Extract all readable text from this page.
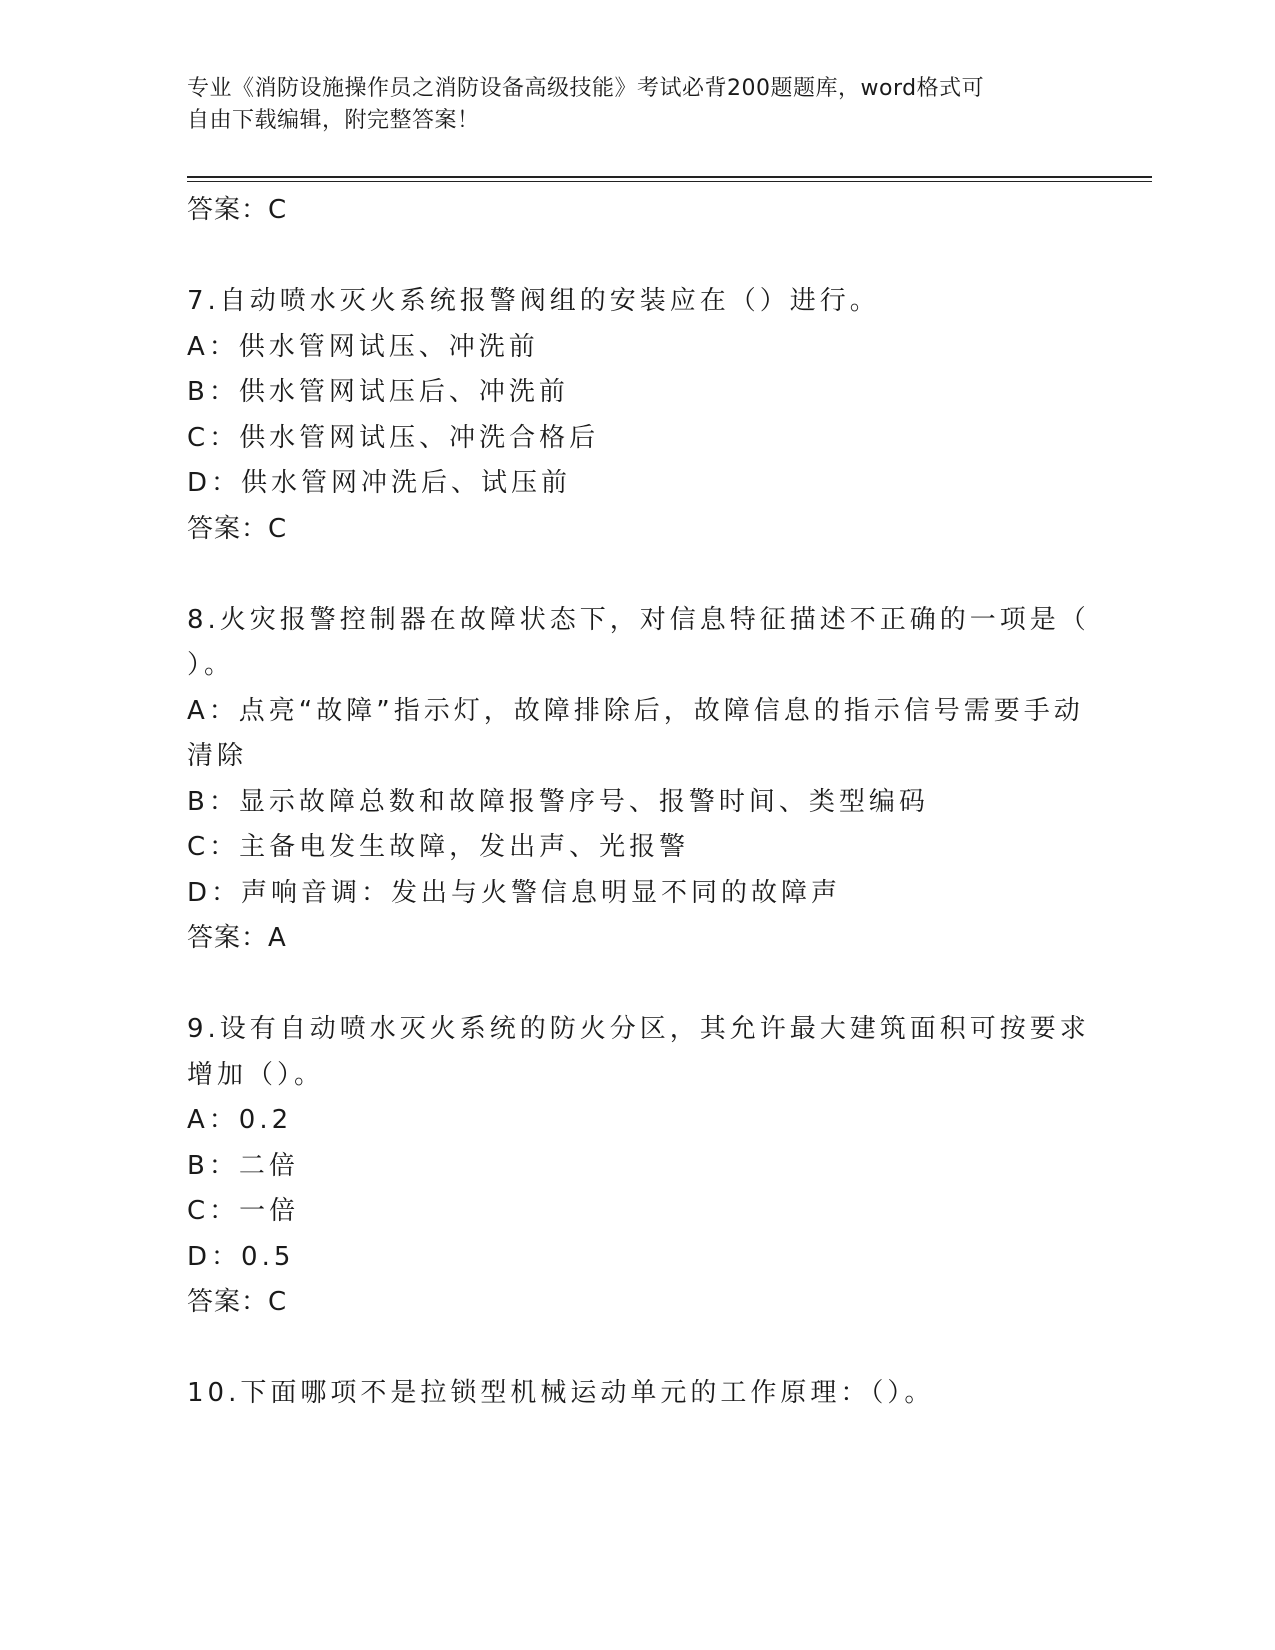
专业《消防设施操作员之消防设备高级技能》考试必背200题题库，word格式可
自由下载编辑，附完整答案！
答案：C
7.自动喷水灭火系统报警阀组的安装应在（）进行。
A：供水管网试压、冲洗前
B：供水管网试压后、冲洗前
C：供水管网试压、冲洗合格后
D：供水管网冲洗后、试压前
答案：C
8.火灾报警控制器在故障状态下，对信息特征描述不正确的一项是（
）。
A：点亮“故障”指示灯，故障排除后，故障信息的指示信号需要手动
清除
B：显示故障总数和故障报警序号、报警时间、类型编码
C：主备电发生故障，发出声、光报警
D：声响音调：发出与火警信息明显不同的故障声
答案：A
9.设有自动喷水灭火系统的防火分区，其允许最大建筑面积可按要求
增加（）。
A：0.2
B：二倍
C：一倍
D：0.5
答案：C
10.下面哪项不是拉锁型机械运动单元的工作原理：（）。
